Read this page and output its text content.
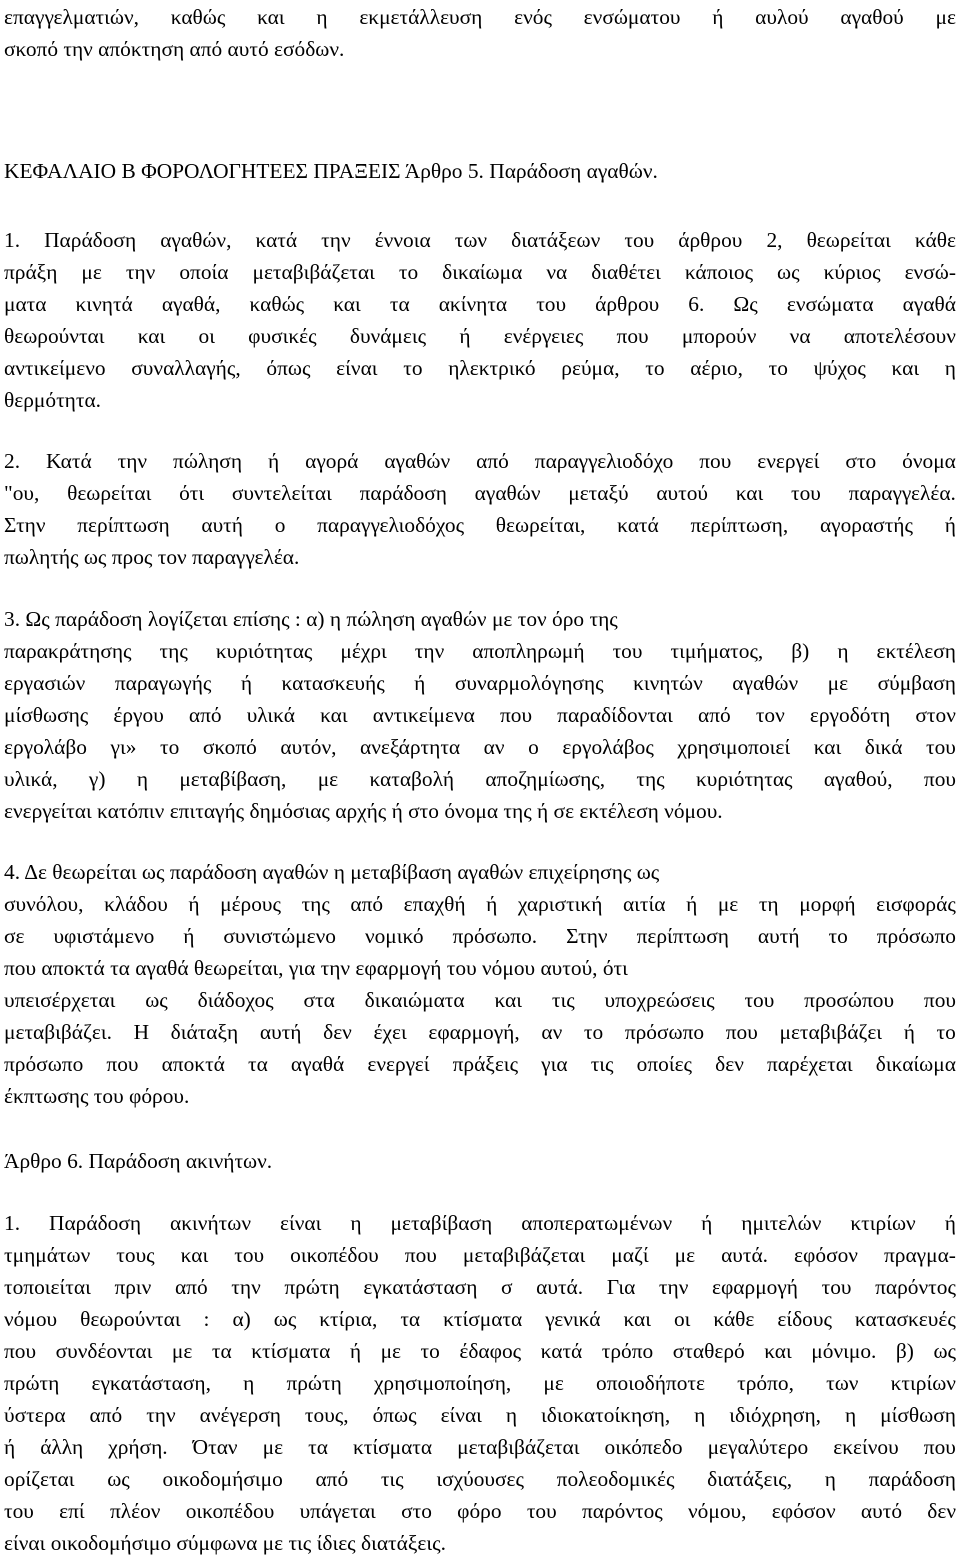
επαγγελματιών, καθώς και η εκμετάλλευση ενός ενσώματου ή αυλού αγαθού με
σκοπό την απόκτηση από αυτό εσόδων.
ΚΕΦΑΛΑΙΟ Β ΦΟΡΟΛΟΓΗΤΕΕΣ ΠΡΑΞΕΙΣ Άρθρο 5. Παράδοση αγαθών.
1. Παράδοση αγαθών, κατά την έννοια των διατάξεων του άρθρου 2, θεωρείται κάθε
πράξη με την οποία μεταβιβάζεται το δικαίωμα να διαθέτει κάποιος ως κύριος ενσώ-
ματα κινητά αγαθά, καθώς και τα ακίνητα του άρθρου 6. Ως ενσώματα αγαθά
θεωρούνται και οι φυσικές δυνάμεις ή ενέργειες που μπορούν να αποτελέσουν
αντικείμενο συναλλαγής, όπως είναι το ηλεκτρικό ρεύμα, το αέριο, το ψύχος και η
θερμότητα.
2. Κατά την πώληση ή αγορά αγαθών από παραγγελιοδόχο που ενεργεί στο όνομα
"ου, θεωρείται ότι συντελείται παράδοση αγαθών μεταξύ αυτού και του παραγγελέα.
Στην περίπτωση αυτή ο παραγγελιοδόχος θεωρείται, κατά περίπτωση, αγοραστής ή
πωλητής ως προς τον παραγγελέα.
3. Ως παράδοση λογίζεται επίσης : α) η πώληση αγαθών με τον όρο της
παρακράτησης της κυριότητας μέχρι την αποπληρωμή του τιμήματος, β) η εκτέλεση
εργασιών παραγωγής ή κατασκευής ή συναρμολόγησης κινητών αγαθών με σύμβαση
μίσθωσης έργου από υλικά και αντικείμενα που παραδίδονται από τον εργοδότη στον
εργολάβο γι» το σκοπό αυτόν, ανεξάρτητα αν ο εργολάβος χρησιμοποιεί και δικά του
υλικά, γ) η μεταβίβαση, με καταβολή αποζημίωσης, της κυριότητας αγαθού, που
ενεργείται κατόπιν επιταγής δημόσιας αρχής ή στο όνομα της ή σε εκτέλεση νόμου.
4. Δε θεωρείται ως παράδοση αγαθών η μεταβίβαση αγαθών επιχείρησης ως
συνόλου, κλάδου ή μέρους της από επαχθή ή χαριστική αιτία ή με τη μορφή εισφοράς
σε υφιστάμενο ή συνιστώμενο νομικό πρόσωπο. Στην περίπτωση αυτή το πρόσωπο
που αποκτά τα αγαθά θεωρείται, για την εφαρμογή του νόμου αυτού, ότι
υπεισέρχεται ως διάδοχος στα δικαιώματα και τις υποχρεώσεις του προσώπου που
μεταβιβάζει. Η διάταξη αυτή δεν έχει εφαρμογή, αν το πρόσωπο που μεταβιβάζει ή το
πρόσωπο που αποκτά τα αγαθά ενεργεί πράξεις για τις οποίες δεν παρέχεται δικαίωμα
έκπτωσης του φόρου.
Άρθρο 6. Παράδοση ακινήτων.
1. Παράδοση ακινήτων είναι η μεταβίβαση αποπερατωμένων ή ημιτελών κτιρίων ή
τμημάτων τους και του οικοπέδου που μεταβιβάζεται μαζί με αυτά. εφόσον πραγμα-
τοποιείται πριν από την πρώτη εγκατάσταση σ αυτά. Για την εφαρμογή του παρόντος
νόμου θεωρούνται : α) ως κτίρια, τα κτίσματα γενικά και οι κάθε είδους κατασκευές
που συνδέονται με τα κτίσματα ή με το έδαφος κατά τρόπο σταθερό και μόνιμο. β) ως
πρώτη εγκατάσταση, η πρώτη χρησιμοποίηση, με οποιοδήποτε τρόπο, των κτιρίων
ύστερα από την ανέγερση τους, όπως είναι η ιδιοκατοίκηση, η ιδιόχρηση, η μίσθωση
ή άλλη χρήση. Όταν με τα κτίσματα μεταβιβάζεται οικόπεδο μεγαλύτερο εκείνου που
ορίζεται ως οικοδομήσιμο από τις ισχύουσες πολεοδομικές διατάξεις, η παράδοση
του επί πλέον οικοπέδου υπάγεται στο φόρο του παρόντος νόμου, εφόσον αυτό δεν
είναι οικοδομήσιμο σύμφωνα με τις ίδιες διατάξεις.
